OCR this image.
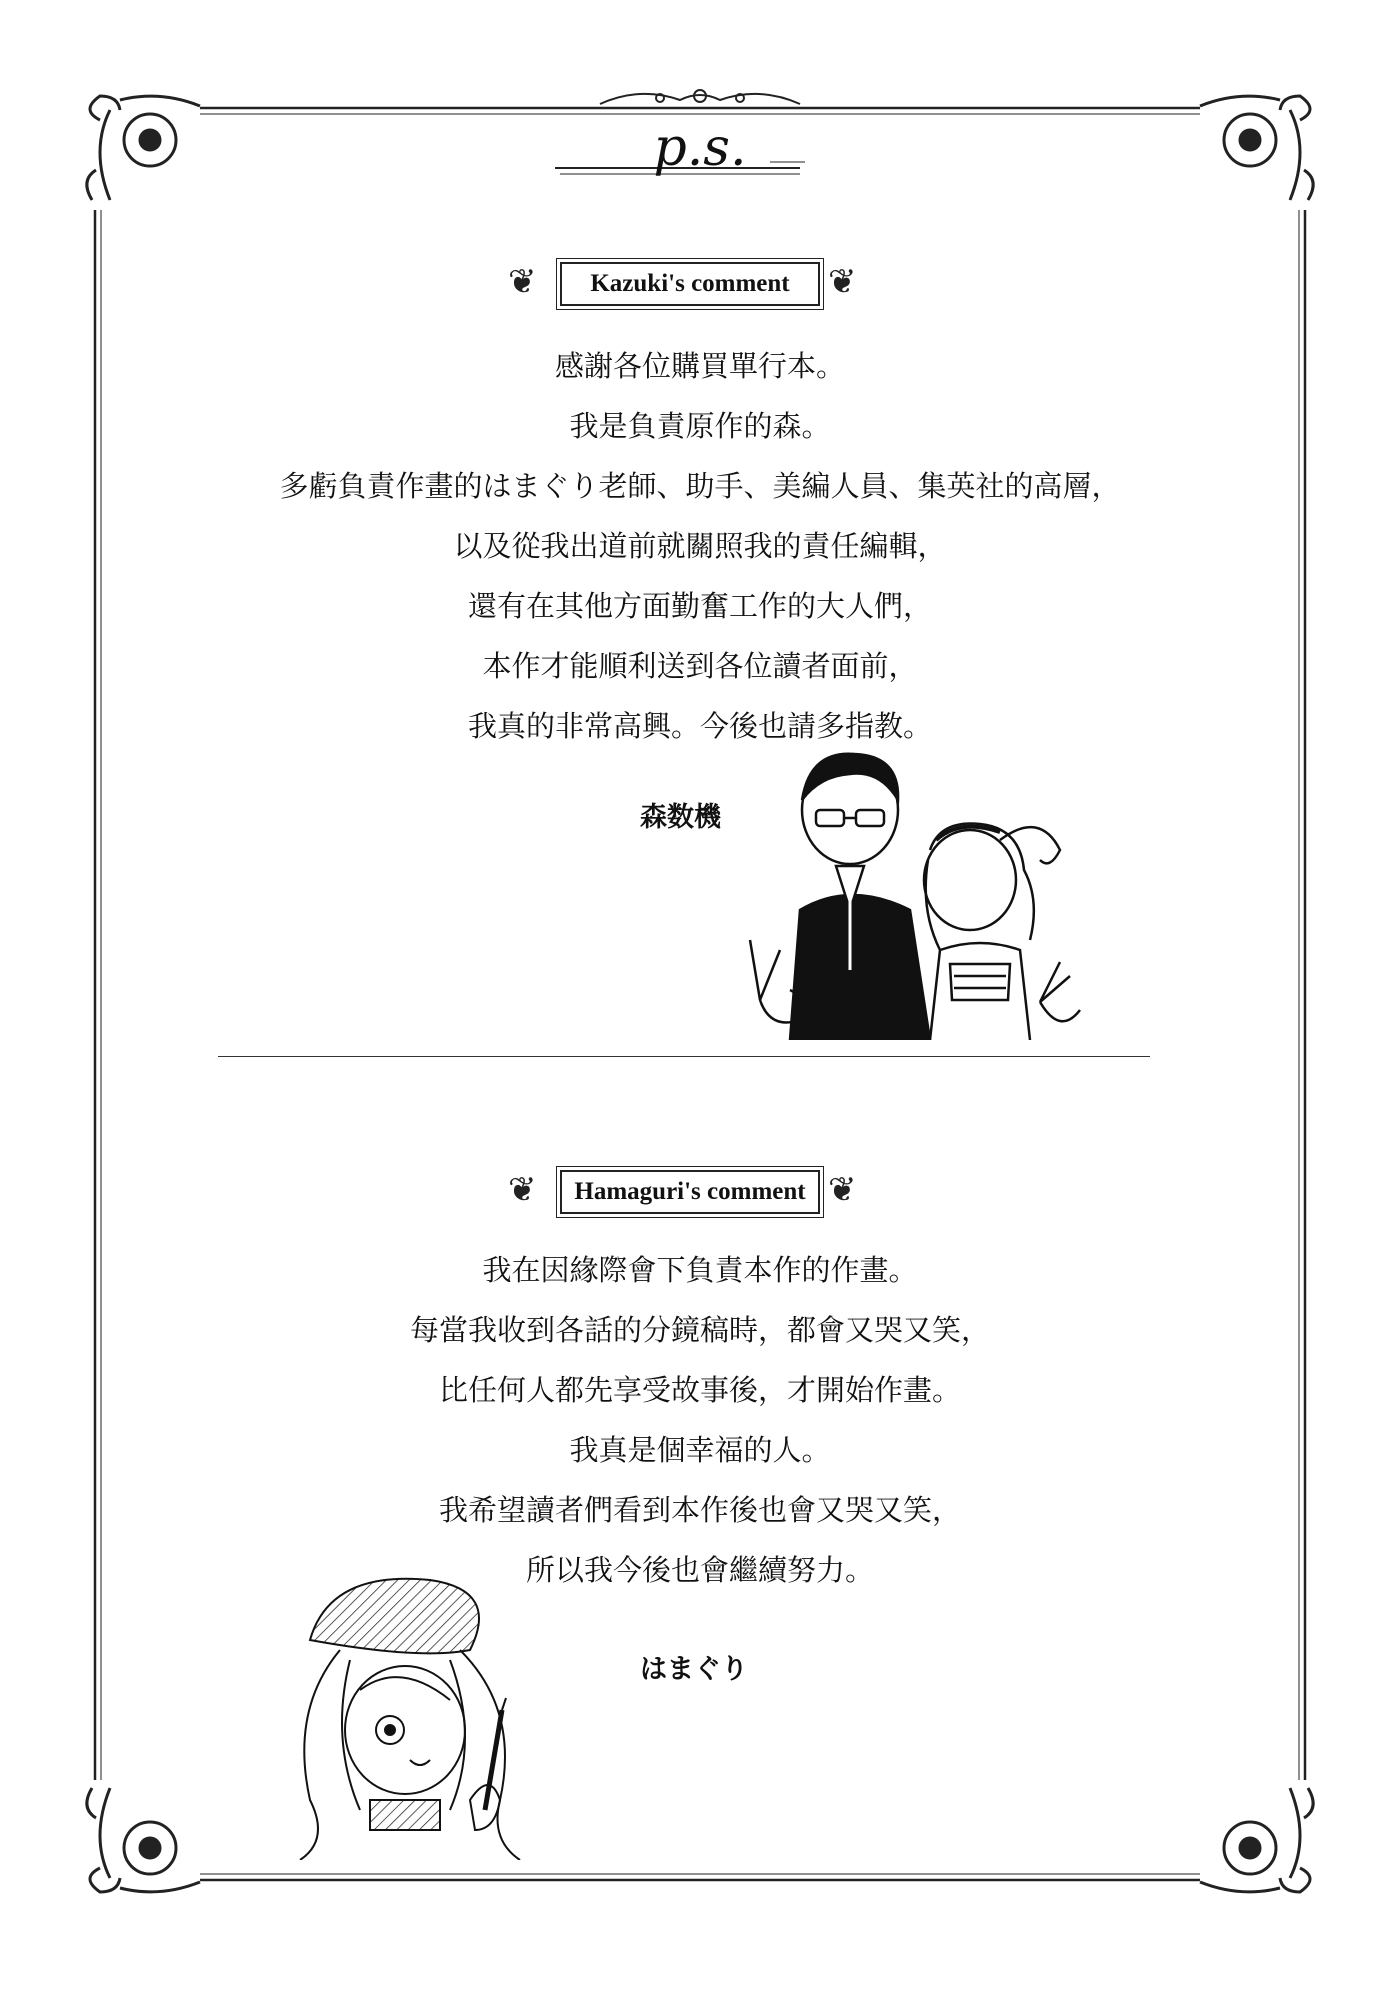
p.s.
❦	Kazuki's comment	❦
感謝各位購買單行本。
我是負責原作的森。
多虧負責作畫的はまぐり老師、助手、美編人員、集英社的高層，
以及從我出道前就關照我的責任編輯，
還有在其他方面勤奮工作的大人們，
本作才能順利送到各位讀者面前，
我真的非常高興。今後也請多指教。
森数機
❦	Hamaguri's comment ❦
我在因緣際會下負責本作的作畫。
每當我收到各話的分鏡稿時，都會又哭又笑，
比任何人都先享受故事後，才開始作畫。
我真是個幸福的人。
我希望讀者們看到本作後也會又哭又笑，
所以我今後也會繼續努力。
はまぐり
